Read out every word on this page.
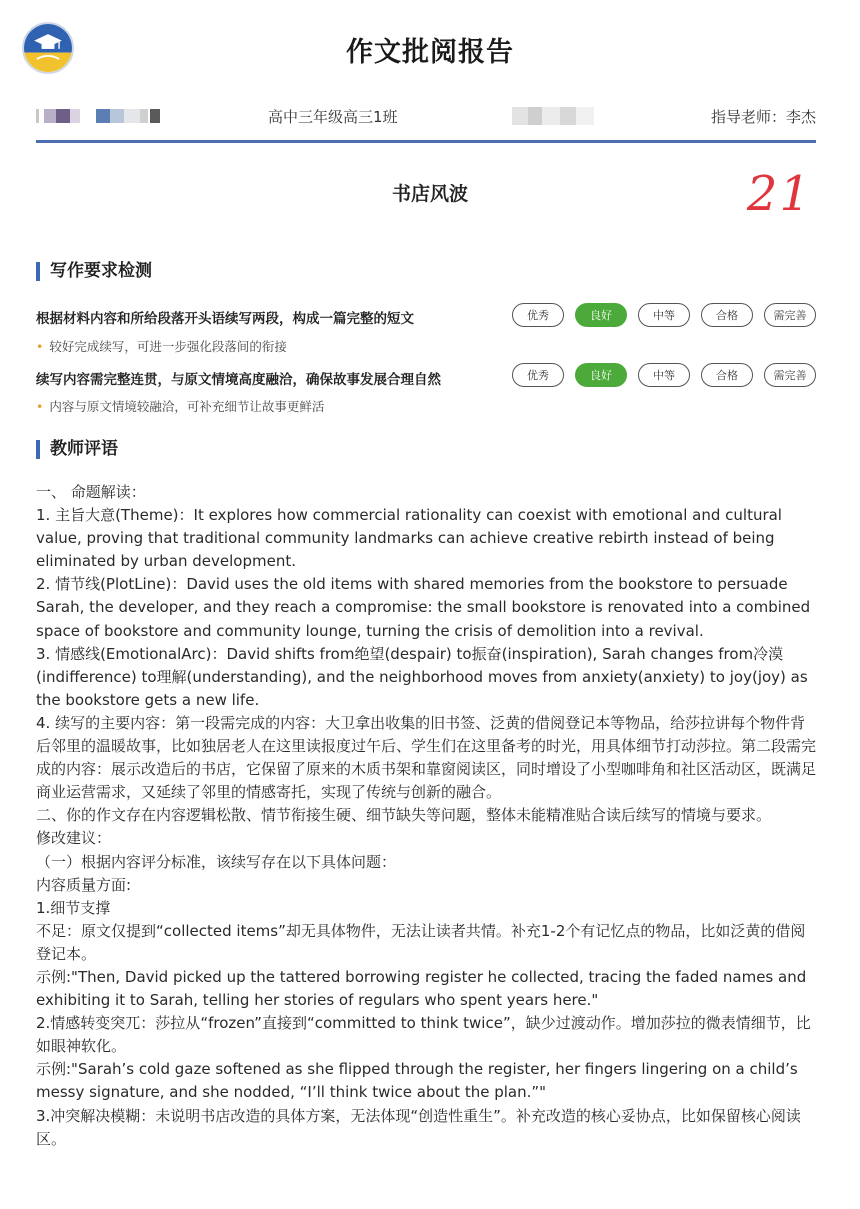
作文批阅报告
高中三年级高三1班	指导老师：李杰
书店风波	21
写作要求检测
根据材料内容和所给段落开头语续写两段，构成一篇完整的短文	优秀	良好	中等	合格	需完善
• 较好完成续写，可进一步强化段落间的衔接
续写内容需完整连贯，与原文情境高度融洽，确保故事发展合理自然	优秀	良好	中等	合格	需完善
• 内容与原文情境较融洽，可补充细节让故事更鲜活
教师评语

一、 命题解读：

1. 主旨大意(Theme)：It explores how commercial rationality can coexist with emotional and cultural value, proving that traditional community landmarks can achieve creative rebirth instead of being eliminated by urban development.

2. 情节线(PlotLine)：David uses the old items with shared memories from the bookstore to persuade Sarah, the developer, and they reach a compromise: the small bookstore is renovated into a combined space of bookstore and community lounge, turning the crisis of demolition into a revival.

3. 情感线(EmotionalArc)：David shifts from绝望(despair) to振奋(inspiration), Sarah changes from冷漠(indifference) to理解(understanding), and the neighborhood moves from anxiety(anxiety) to joy(joy) as the bookstore gets a new life.

4. 续写的主要内容：第一段需完成的内容：大卫拿出收集的旧书签、泛黄的借阅登记本等物品，给莎拉讲每个物件背后邻里的温暖故事，比如独居老人在这里读报度过午后、学生们在这里备考的时光，用具体细节打动莎拉。第二段需完成的内容：展示改造后的书店，它保留了原来的木质书架和靠窗阅读区，同时增设了小型咖啡角和社区活动区，既满足商业运营需求，又延续了邻里的情感寄托，实现了传统与创新的融合。

二、你的作文存在内容逻辑松散、情节衔接生硬、细节缺失等问题，整体未能精准贴合读后续写的情境与要求。

修改建议：

（一）根据内容评分标准，该续写存在以下具体问题：

内容质量方面:

1.细节支撑

不足：原文仅提到“collected items”却无具体物件，无法让读者共情。补充1-2个有记忆点的物品，比如泛黄的借阅登记本。

示例:"Then, David picked up the tattered borrowing register he collected, tracing the faded names and exhibiting it to Sarah, telling her stories of regulars who spent years here."

2.情感转变突兀：莎拉从“frozen”直接到“committed to think twice”，缺少过渡动作。增加莎拉的微表情细节，比如眼神软化。

示例:"Sarah’s cold gaze softened as she flipped through the register, her fingers lingering on a child’s messy signature, and she nodded, “I’ll think twice about the plan.”"

3.冲突解决模糊：未说明书店改造的具体方案，无法体现“创造性重生”。补充改造的核心妥协点，比如保留核心阅读区。
